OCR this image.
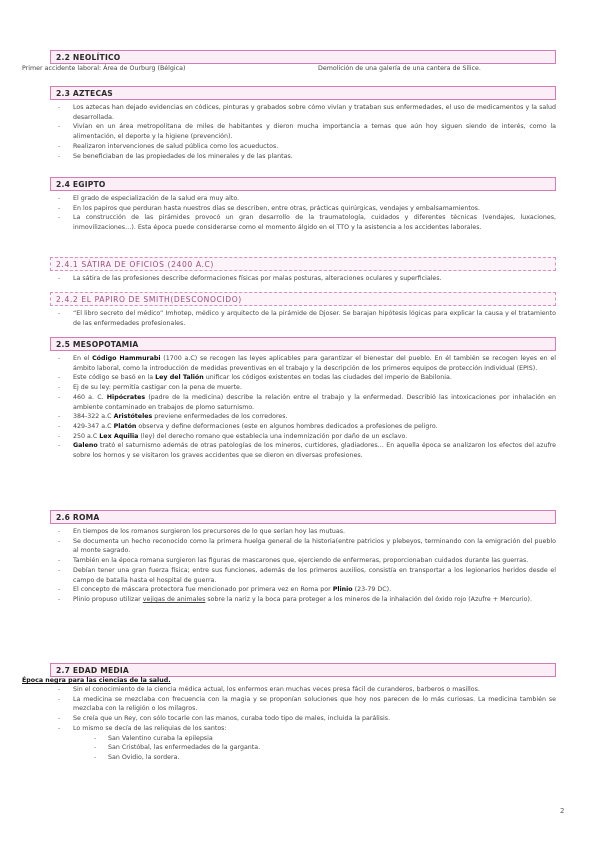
2.2 NEOLÍTICO
Primer accidente laboral: Área de Ourburg (Bélgica)	Demolición de una galería de una cantera de Sílice.
2.3 AZTECAS
- Los aztecas han dejado evidencias en códices, pinturas y grabados sobre cómo vivían y trataban sus enfermedades, el uso de medicamentos y la salud desarrollada.
- Vivían en un área metropolitana de miles de habitantes y dieron mucha importancia a temas que aún hoy siguen siendo de interés, como la alimentación, el deporte y la higiene (prevención).
- Realizaron intervenciones de salud pública como los acueductos.
- Se beneficiaban de las propiedades de los minerales y de las plantas.
2.4 EGIPTO
- El grado de especialización de la salud era muy alto.
- En los papiros que perduran hasta nuestros días se describen, entre otras, prácticas quirúrgicas, vendajes y embalsamamientos.
- La construcción de las pirámides provocó un gran desarrollo de la traumatología, cuidados y diferentes técnicas (vendajes, luxaciones, inmovilizaciones…). Esta época puede considerarse como el momento álgido en el TTO y la asistencia a los accidentes laborales.
2.4.1 SÁTIRA DE OFICIOS (2400 A.C)
- La sátira de las profesiones describe deformaciones físicas por malas posturas, alteraciones oculares y superficiales.
2.4.2 EL PAPIRO DE SMITH(DESCONOCIDO)
- “El libro secreto del médico” Imhotep, médico y arquitecto de la pirámide de Djoser. Se barajan hipótesis lógicas para explicar la causa y el tratamiento de las enfermedades profesionales.
2.5 MESOPOTAMIA
- En el Código Hammurabi (1700 a.C) se recogen las leyes aplicables para garantizar el bienestar del pueblo. En él también se recogen leyes en el ámbito laboral, como la introducción de medidas preventivas en el trabajo y la descripción de los primeros equipos de protección individual (EPIS).
- Este código se basó en la Ley del Talión unificar los códigos existentes en todas las ciudades del imperio de Babilonia.
- Ej de su ley: permitía castigar con la pena de muerte.
- 460 a. C. Hipócrates (padre de la medicina) describe la relación entre el trabajo y la enfermedad. Describió las intoxicaciones por inhalación en ambiente contaminado en trabajos de plomo saturnismo.
- 384-322 a.C Aristóteles previene enfermedades de los corredores.
- 429-347 a.C Platón observa y define deformaciones (este en algunos hombres dedicados a profesiones de peligro.
- 250 a.C Lex Aquilia (ley) del derecho romano que establecía una indemnización por daño de un esclavo.
- Galeno trató el saturnismo además de otras patologías de los mineros, curtidores, gladiadores… En aquella época se analizaron los efectos del azufre sobre los hornos y se visitaron los graves accidentes que se dieron en diversas profesiones.
2.6 ROMA
- En tiempos de los romanos surgieron los precursores de lo que serían hoy las mutuas.
- Se documenta un hecho reconocido como la primera huelga general de la historia(entre patricios y plebeyos, terminando con la emigración del pueblo al monte sagrado.
- También en la época romana surgieron las figuras de mascarones que, ejerciendo de enfermeras, proporcionaban cuidados durante las guerras.
- Debían tener una gran fuerza física; entre sus funciones, además de los primeros auxilios, consistía en transportar a los legionarios heridos desde el campo de batalla hasta el hospital de guerra.
- El concepto de máscara protectora fue mencionado por primera vez en Roma por Plinio (23-79 DC).
- Plinio propuso utilizar vejigas de animales sobre la nariz y la boca para proteger a los mineros de la inhalación del óxido rojo (Azufre + Mercurio).
2.7 EDAD MEDIA
Época negra para las ciencias de la salud.
- Sin el conocimiento de la ciencia médica actual, los enfermos eran muchas veces presa fácil de curanderos, barberos o masillos.
- La medicina se mezclaba con frecuencia con la magia y se proponían soluciones que hoy nos parecen de lo más curiosas. La medicina también se mezclaba con la religión o los milagros.
- Se creía que un Rey, con sólo tocarle con las manos, curaba todo tipo de males, incluida la parálisis.
- Lo mismo se decía de las reliquias de los santos:
- San Valentino curaba la epilepsia
- San Cristóbal, las enfermedades de la garganta.
- San Ovidio, la sordera.
2
